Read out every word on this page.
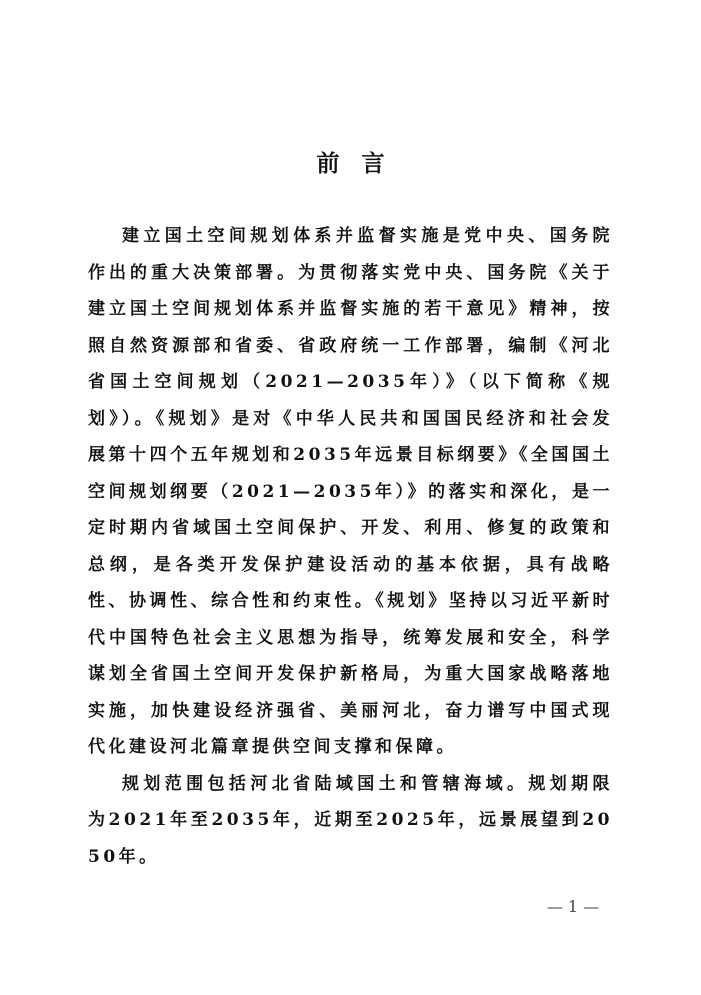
前言

建立国土空间规划体系并监督实施是党中央、国务院作出的重大决策部署。为贯彻落实党中央、国务院《关于建立国土空间规划体系并监督实施的若干意见》精神，按照自然资源部和省委、省政府统一工作部署，编制《河北省国土空间规划（2021—2035年）》（以下简称《规划》）。《规划》是对《中华人民共和国国民经济和社会发展第十四个五年规划和2035年远景目标纲要》《全国国土空间规划纲要（2021—2035年）》的落实和深化，是一定时期内省域国土空间保护、开发、利用、修复的政策和总纲，是各类开发保护建设活动的基本依据，具有战略性、协调性、综合性和约束性。《规划》坚持以习近平新时代中国特色社会主义思想为指导，统筹发展和安全，科学谋划全省国土空间开发保护新格局，为重大国家战略落地实施，加快建设经济强省、美丽河北，奋力谱写中国式现代化建设河北篇章提供空间支撑和保障。

规划范围包括河北省陆域国土和管辖海域。规划期限为2021年至2035年，近期至2025年，远景展望到2050年。

— 1 —
